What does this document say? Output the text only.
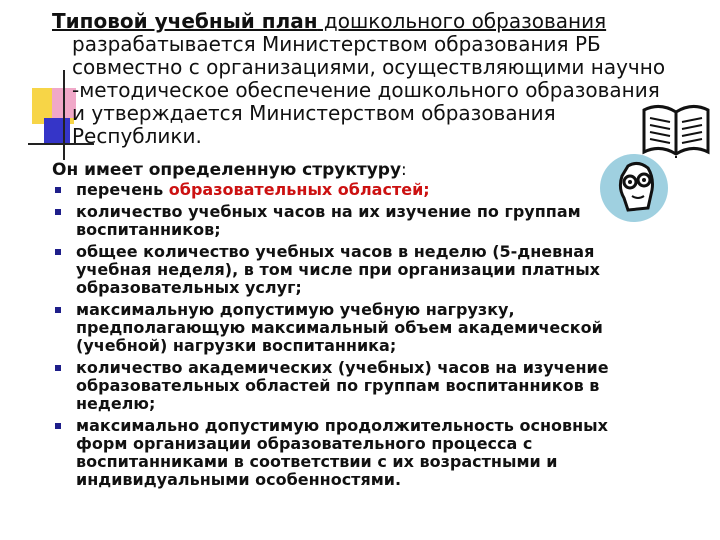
Типовой учебный план дошкольного образования
разрабатывается Министерством образования РБ
совместно с организациями, осуществляющими научно
-методическое обеспечение дошкольного образования
и утверждается Министерством образования
Республики.
Он имеет определенную структуру:
перечень образовательных областей;
количество учебных часов на их изучение по группам воспитанников;
общее количество учебных часов в неделю (5-дневная учебная неделя), в том числе при организации платных образовательных услуг;
максимальную допустимую учебную нагрузку, предполагающую максимальный объем академической (учебной) нагрузки воспитанника;
количество академических (учебных) часов на изучение образовательных областей по группам воспитанников в неделю;
максимально допустимую продолжительность основных форм организации образовательного процесса с воспитанниками в соответствии с их возрастными и индивидуальными особенностями.
